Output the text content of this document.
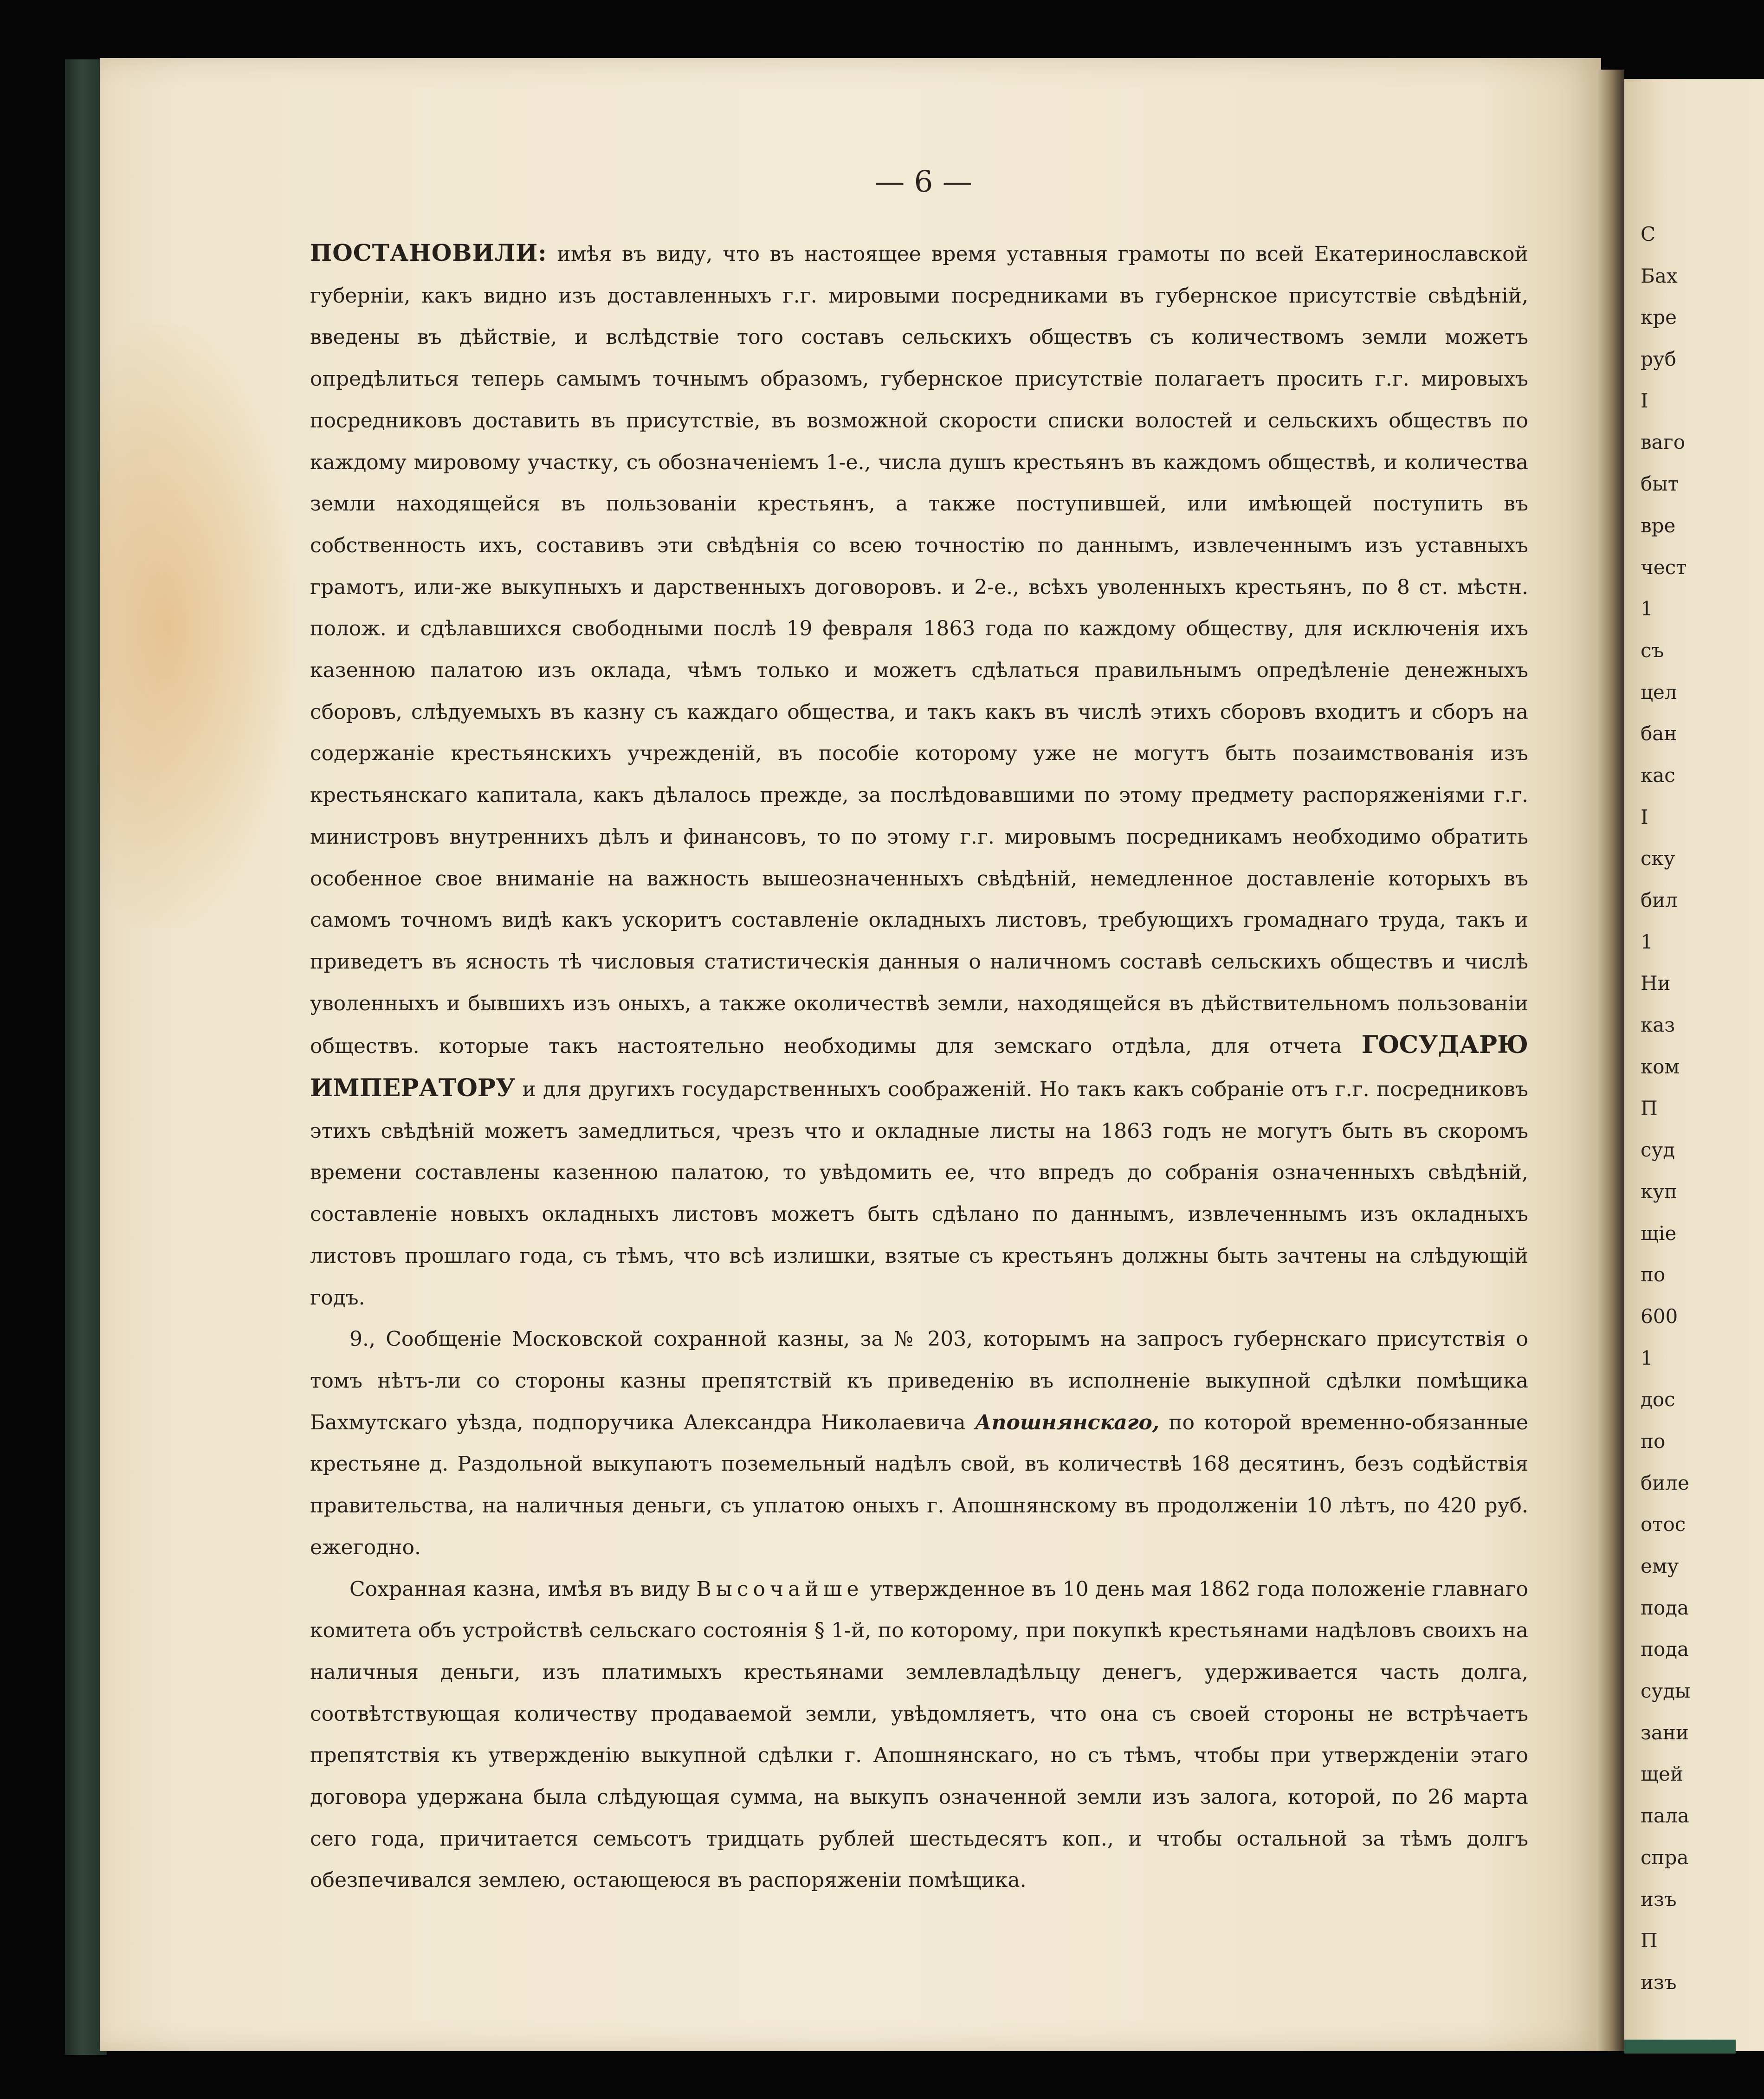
С
Бах
кре
руб
I
ваго
быт
вре
чест
1
съ
цел
бан
кас
I
ску
бил
1
Ни
каз
ком
П
суд
куп
щіе
по
600
1
дос
по
биле
отос
ему
пода
пода
суды
зани
щей
пала
спра
изъ
П
изъ
— 6 —

ПОСТАНОВИЛИ: имѣя въ виду, что въ настоящее время уставныя грамоты по всей Екатеринославской губерніи, какъ видно изъ доставленныхъ г.г. мировыми посредниками въ губернское присутствіе свѣдѣній, введены въ дѣйствіе, и вслѣдствіе того составъ сельскихъ обществъ съ количествомъ земли можетъ опредѣлиться теперь самымъ точнымъ образомъ, губернское присутствіе полагаетъ просить г.г. мировыхъ посредниковъ доставить въ присутствіе, въ возможной скорости списки волостей и сельскихъ обществъ по каждому мировому участку, съ обозначеніемъ 1-е., числа душъ крестьянъ въ каждомъ обществѣ, и количества земли находящейся въ пользованіи крестьянъ, а также поступившей, или имѣющей поступить въ собственность ихъ, составивъ эти свѣдѣнія со всею точностію по даннымъ, извлеченнымъ изъ уставныхъ грамотъ, или-же выкупныхъ и дарственныхъ договоровъ. и 2-е., всѣхъ уволенныхъ крестьянъ, по 8 ст. мѣстн. полож. и сдѣлавшихся свободными послѣ 19 февраля 1863 года по каждому обществу, для исключенія ихъ казенною палатою изъ оклада, чѣмъ только и можетъ сдѣлаться правильнымъ опредѣленіе денежныхъ сборовъ, слѣдуемыхъ въ казну съ каждаго общества, и такъ какъ въ числѣ этихъ сборовъ входитъ и сборъ на содержаніе крестьянскихъ учрежденій, въ пособіе которому уже не могутъ быть позаимствованія изъ крестьянскаго капитала, какъ дѣлалось прежде, за послѣдовавшими по этому предмету распоряженіями г.г. министровъ внутреннихъ дѣлъ и финансовъ, то по этому г.г. мировымъ посредникамъ необходимо обратить особенное свое вниманіе на важность вышеозначенныхъ свѣдѣній, немедленное доставленіе которыхъ въ самомъ точномъ видѣ какъ ускоритъ составленіе окладныхъ листовъ, требующихъ громаднаго труда, такъ и приведетъ въ ясность тѣ числовыя статистическія данныя о наличномъ составѣ сельскихъ обществъ и числѣ уволенныхъ и бывшихъ изъ оныхъ, а также околичествѣ земли, находящейся въ дѣйствительномъ пользованіи обществъ. которые такъ настоятельно необходимы для земскаго отдѣла, для отчета ГОСУДАРЮ ИМПЕРАТОРУ и для другихъ государственныхъ соображеній. Но такъ какъ собраніе отъ г.г. посредниковъ этихъ свѣдѣній можетъ замедлиться, чрезъ что и окладные листы на 1863 годъ не могутъ быть въ скоромъ времени составлены казенною палатою, то увѣдомить ее, что впредъ до собранія означенныхъ свѣдѣній, составленіе новыхъ окладныхъ листовъ можетъ быть сдѣлано по даннымъ, извлеченнымъ изъ окладныхъ листовъ прошлаго года, съ тѣмъ, что всѣ излишки, взятые съ крестьянъ должны быть зачтены на слѣдующій годъ.

9., Сообщеніе Московской сохранной казны, за № 203, которымъ на запросъ губернскаго присутствія о томъ нѣтъ-ли со стороны казны препятствій къ приведенію въ исполненіе выкупной сдѣлки помѣщика Бахмутскаго уѣзда, подпоручика Александра Николаевича Апошнянскаго, по которой временно-обязанные крестьяне д. Раздольной выкупаютъ поземельный надѣлъ свой, въ количествѣ 168 десятинъ, безъ содѣйствія правительства, на наличныя деньги, съ уплатою оныхъ г. Апошнянскому въ продолженіи 10 лѣтъ, по 420 руб. ежегодно.

Сохранная казна, имѣя въ виду Высочайше утвержденное въ 10 день мая 1862 года положеніе главнаго комитета объ устройствѣ сельскаго состоянія § 1-й, по которому, при покупкѣ крестьянами надѣловъ своихъ на наличныя деньги, изъ платимыхъ крестьянами землевладѣльцу денегъ, удерживается часть долга, соотвѣтствующая количеству продаваемой земли, увѣдомляетъ, что она съ своей стороны не встрѣчаетъ препятствія къ утвержденію выкупной сдѣлки г. Апошнянскаго, но съ тѣмъ, чтобы при утвержденіи этаго договора удержана была слѣдующая сумма, на выкупъ означенной земли изъ залога, которой, по 26 марта сего года, причитается семьсотъ тридцать рублей шестьдесятъ коп., и чтобы остальной за тѣмъ долгъ обезпечивался землею, остающеюся въ распоряженіи помѣщика.
